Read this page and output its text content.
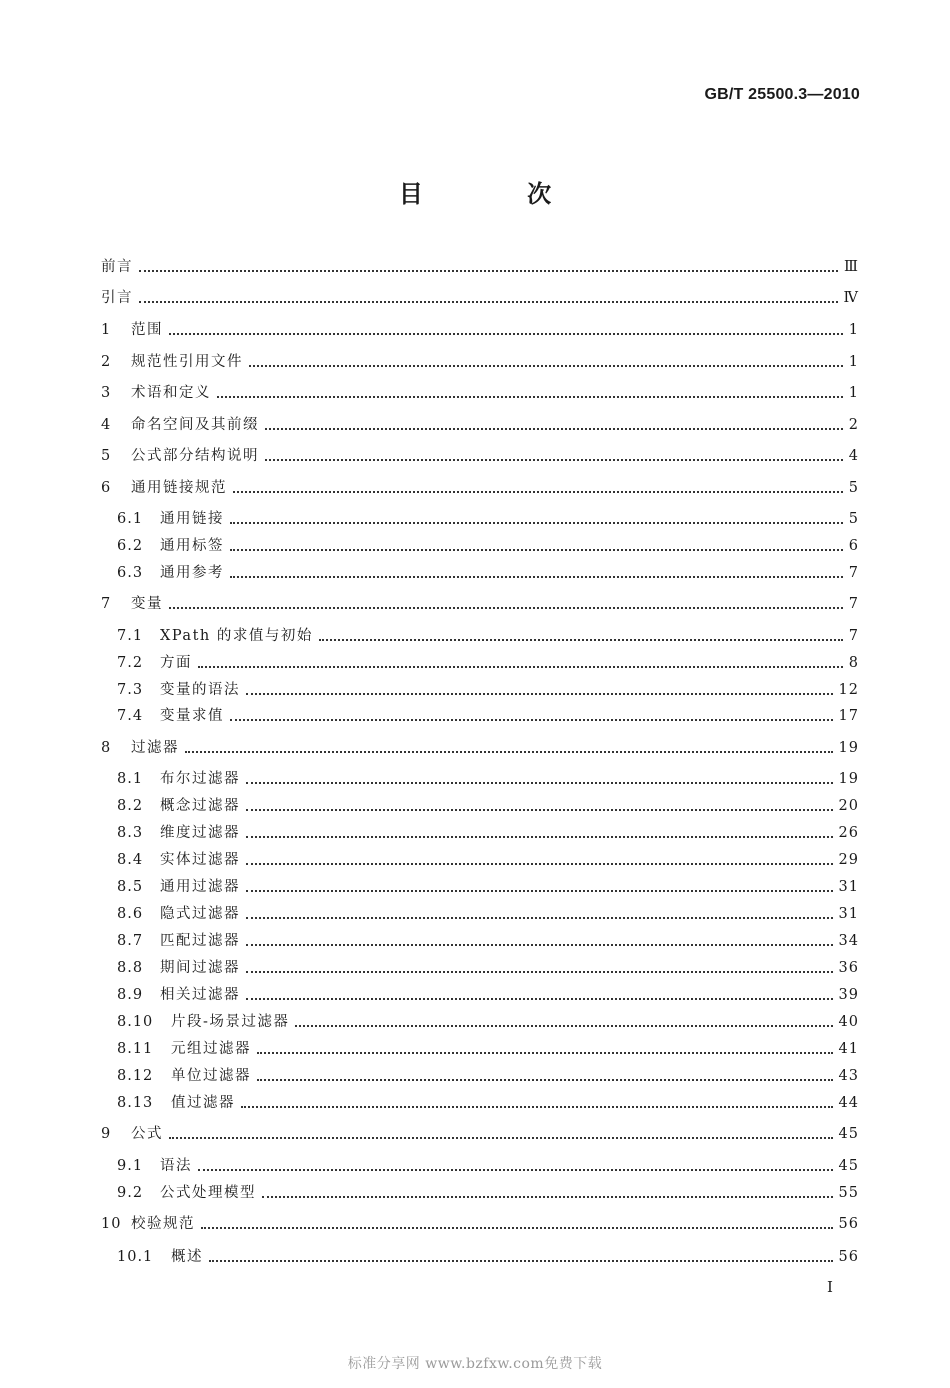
GB/T 25500.3—2010
目 次
前言	Ⅲ
引言	Ⅳ
1	范围	1
2	规范性引用文件	1
3	术语和定义	1
4	命名空间及其前缀	2
5	公式部分结构说明	4
6	通用链接规范	5
6.1	通用链接	5
6.2	通用标签	6
6.3	通用参考	7
7	变量	7
7.1	XPath 的求值与初始	7
7.2	方面	8
7.3	变量的语法	12
7.4	变量求值	17
8	过滤器	19
8.1	布尔过滤器	19
8.2	概念过滤器	20
8.3	维度过滤器	26
8.4	实体过滤器	29
8.5	通用过滤器	31
8.6	隐式过滤器	31
8.7	匹配过滤器	34
8.8	期间过滤器	36
8.9	相关过滤器	39
8.10	片段-场景过滤器	40
8.11	元组过滤器	41
8.12	单位过滤器	43
8.13	值过滤器	44
9	公式	45
9.1	语法	45
9.2	公式处理模型	55
10 校验规范	56
10.1	概述	56
I
标准分享网 www.bzfxw.com免费下载
